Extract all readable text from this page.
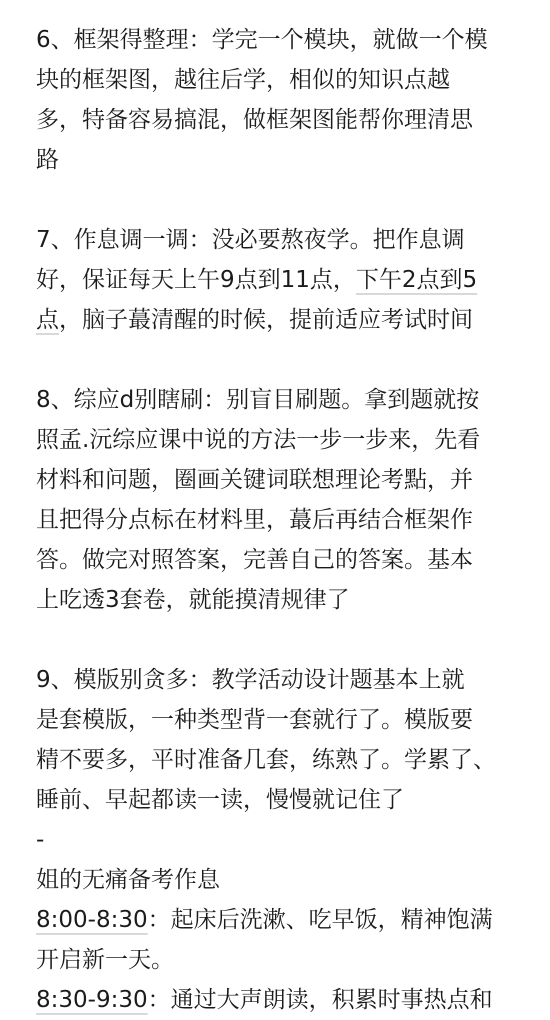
6、框架得整理：学完一个模块，就做一个模
块的框架图，越往后学，相似的知识点越
多，特备容易搞混，做框架图能帮你理清思
路

7、作息调一调：没必要熬夜学。把作息调
好，保证每天上午9点到11点，下午2点到5
点，脑子蕞清醒的时候，提前适应考试时间

8、综应d别瞎刷：别盲目刷题。拿到题就按
照孟.沅综应课中说的方法一步一步来，先看
材料和问题，圈画关键词联想理论考點，并
且把得分点标在材料里，蕞后再结合框架作
答。做完对照答案，完善自己的答案。基本
上吃透3套卷，就能摸清规律了

9、模版别贪多：教学活动设计题基本上就
是套模版，一种类型背一套就行了。模版要
精不要多，平时准备几套，练熟了。学累了、
睡前、早起都读一读，慢慢就记住了

-

姐的无痛备考作息
8:00-8:30：起床后洗漱、吃早饭，精神饱满
开启新一天。
8:30-9:30：通过大声朗读，积累时事热点和
